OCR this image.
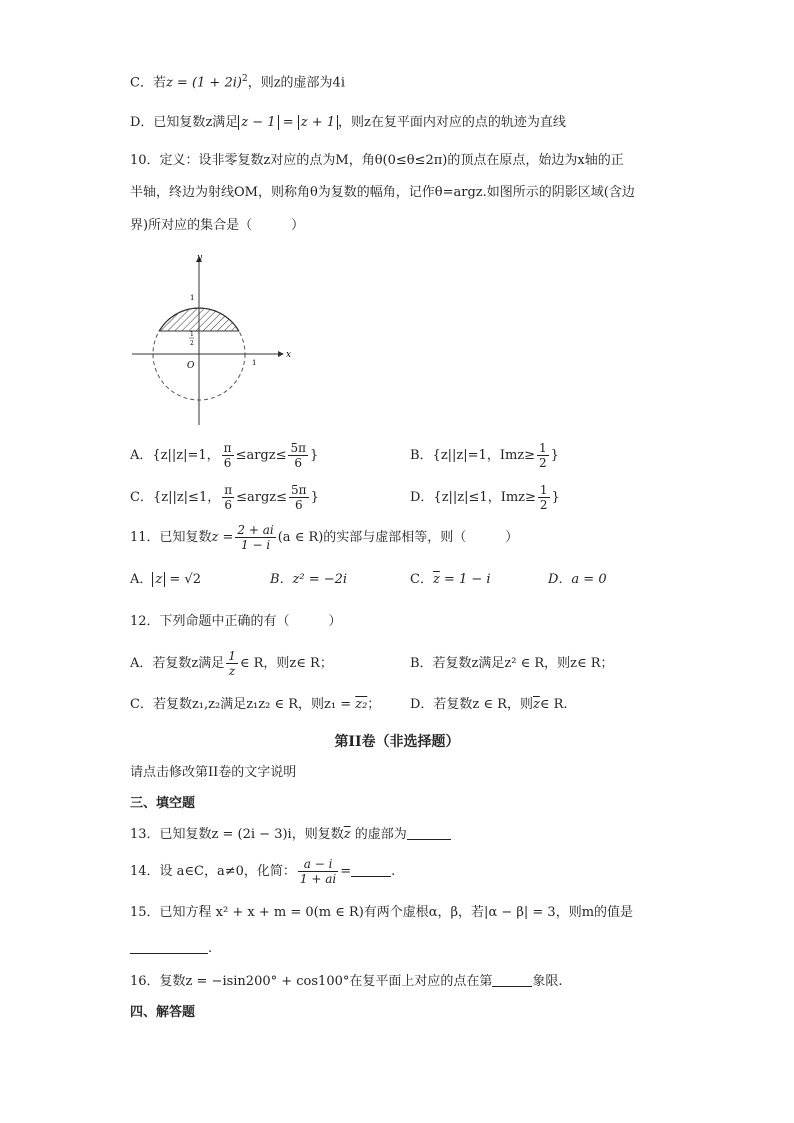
C．若$z = (1 + 2i)^2$，则z的虚部为4i
D．已知复数z满足 z − 1 = z + 1 ，则z在复平面内对应的点的轨迹为直线
10．定义：设非零复数z对应的点为M，角θ(0≤θ≤2π)的顶点在原点，始边为x轴的正
半轴，终边为射线OM，则称角θ为复数的幅角，记作θ=argz.如图所示的阴影区域(含边
界)所对应的集合是（　　　）
x
y
O
1
1
2
1
A．{z||z|=1， $\frac{\pi}{6}$ ≤argz≤ $\frac{5\pi}{6}$ }	B．{z||z|=1，$Imz\ge \frac{1}{2}$ }
C．{z||z|≤1， $\frac{\pi}{6}$ ≤argz≤ $\frac{5\pi}{6}$ }	D．{z||z|≤1，$Imz\ge \frac{1}{2}$ }
11．已知复数$z = \frac{2 + ai}{1 - i} (a$ ∈ R)的实部与虚部相等，则（　　　）
A． z = √2	B．z² = −2i	C．$\overline{z} = 1 - i$	D．a = 0
12．下列命题中正确的有（　　　）
A．若复数z满足 $\frac{1}{z}$ ∈ R，则z∈ R；	B．若复数z满足z² ∈ R，则z∈ R；
C．若复数z₁,z₂满足z₁z₂ ∈ R，则z₁ = z₂； D．若复数z ∈ R，则$\overline{z}\in$ R.
第II卷（非选择题）
请点击修改第II卷的文字说明
三、填空题
13．已知复数z = (2i − 3)i，则复数$\overline{z}$ 的虚部为
14．设 a∈C，a≠0，化简： $\frac{a - i}{1 + ai}$ =	.
15．已知方程 x² + x + m = 0(m ∈ R)有两个虚根α，β，若|α − β| = 3，则m的值是
.
16．复数z = −isin200° + cos100°在复平面上对应的点在第	象限.
四、解答题
